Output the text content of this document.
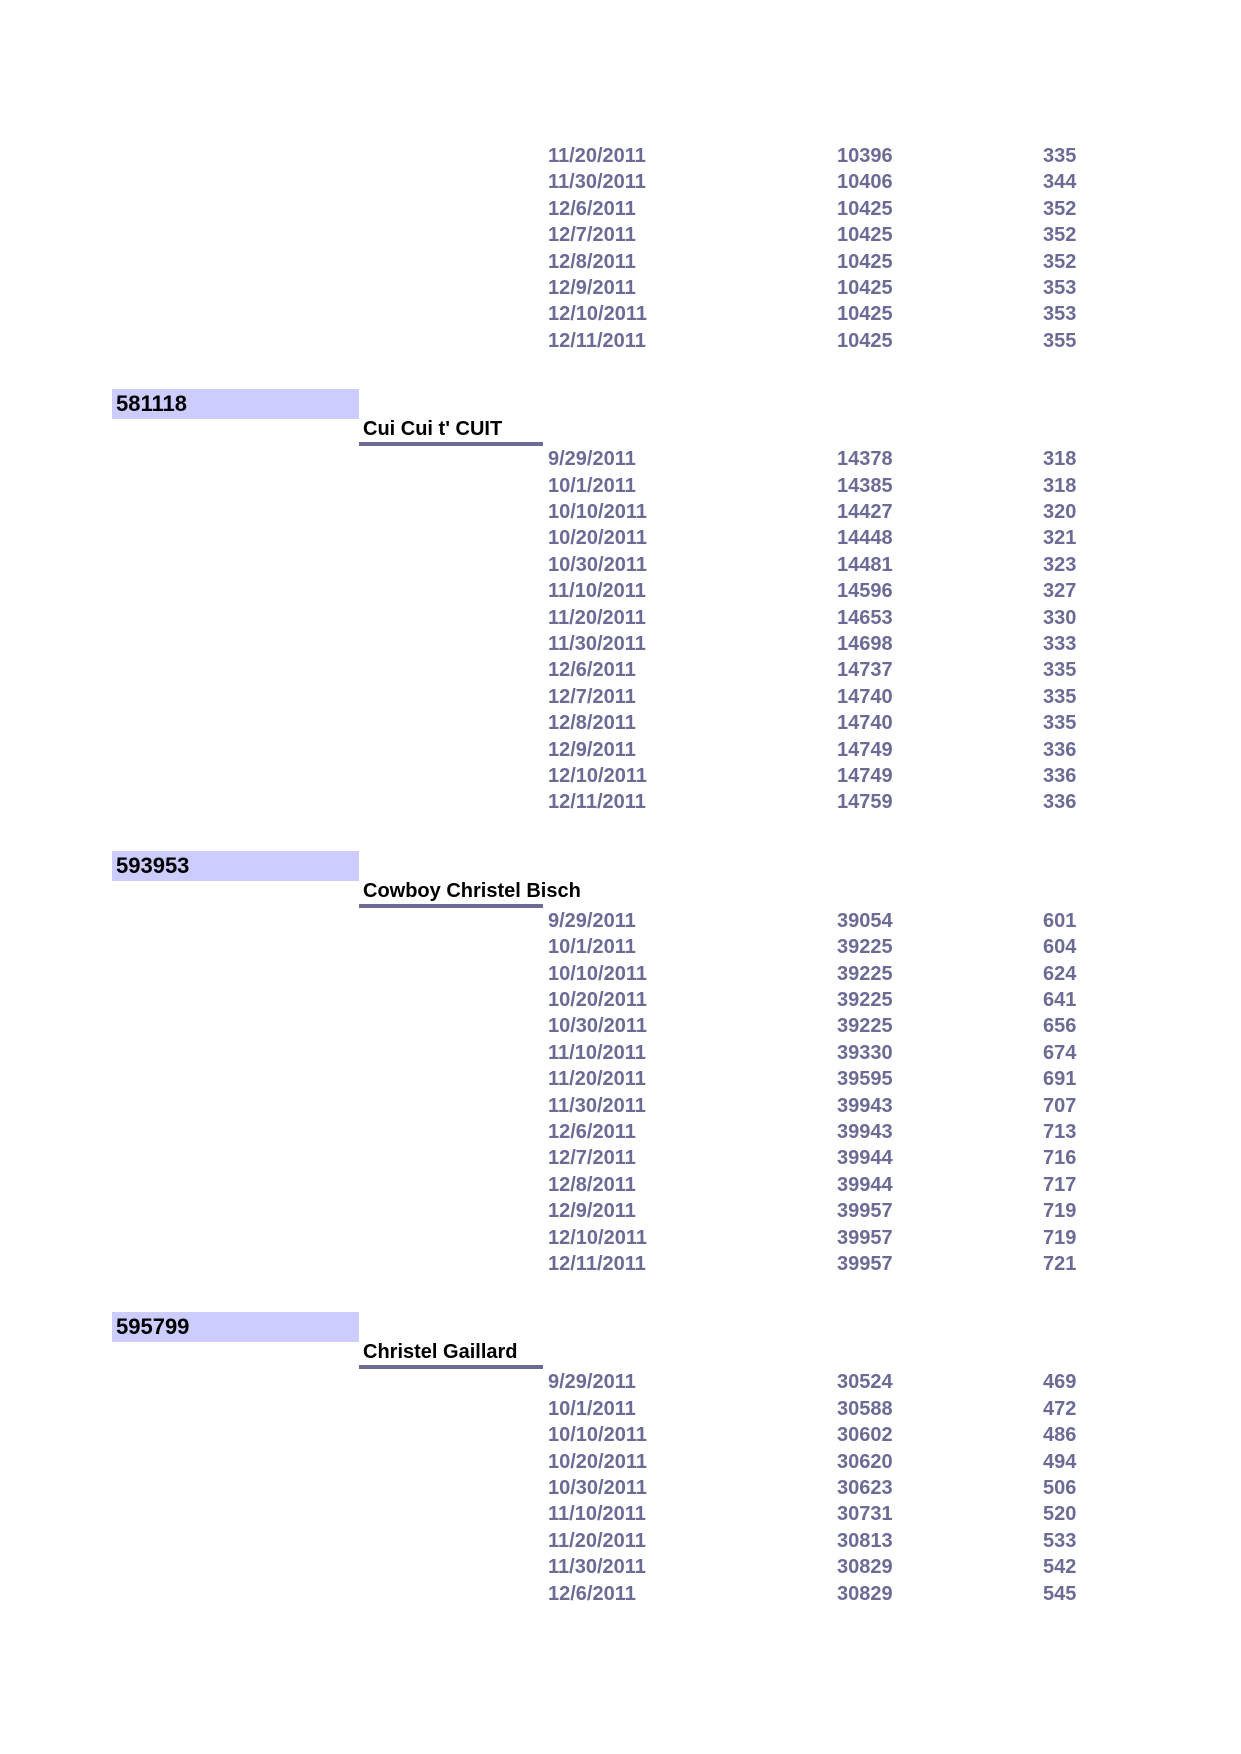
11/20/2011	10396	335
11/30/2011	10406	344
12/6/2011	10425	352
12/7/2011	10425	352
12/8/2011	10425	352
12/9/2011	10425	353
12/10/2011	10425	353
12/11/2011	10425	355
581118
Cui Cui t' CUIT
9/29/2011	14378	318
10/1/2011	14385	318
10/10/2011	14427	320
10/20/2011	14448	321
10/30/2011	14481	323
11/10/2011	14596	327
11/20/2011	14653	330
11/30/2011	14698	333
12/6/2011	14737	335
12/7/2011	14740	335
12/8/2011	14740	335
12/9/2011	14749	336
12/10/2011	14749	336
12/11/2011	14759	336
593953
Cowboy Christel Bisch
9/29/2011	39054	601
10/1/2011	39225	604
10/10/2011	39225	624
10/20/2011	39225	641
10/30/2011	39225	656
11/10/2011	39330	674
11/20/2011	39595	691
11/30/2011	39943	707
12/6/2011	39943	713
12/7/2011	39944	716
12/8/2011	39944	717
12/9/2011	39957	719
12/10/2011	39957	719
12/11/2011	39957	721
595799
Christel Gaillard
9/29/2011	30524	469
10/1/2011	30588	472
10/10/2011	30602	486
10/20/2011	30620	494
10/30/2011	30623	506
11/10/2011	30731	520
11/20/2011	30813	533
11/30/2011	30829	542
12/6/2011	30829	545
